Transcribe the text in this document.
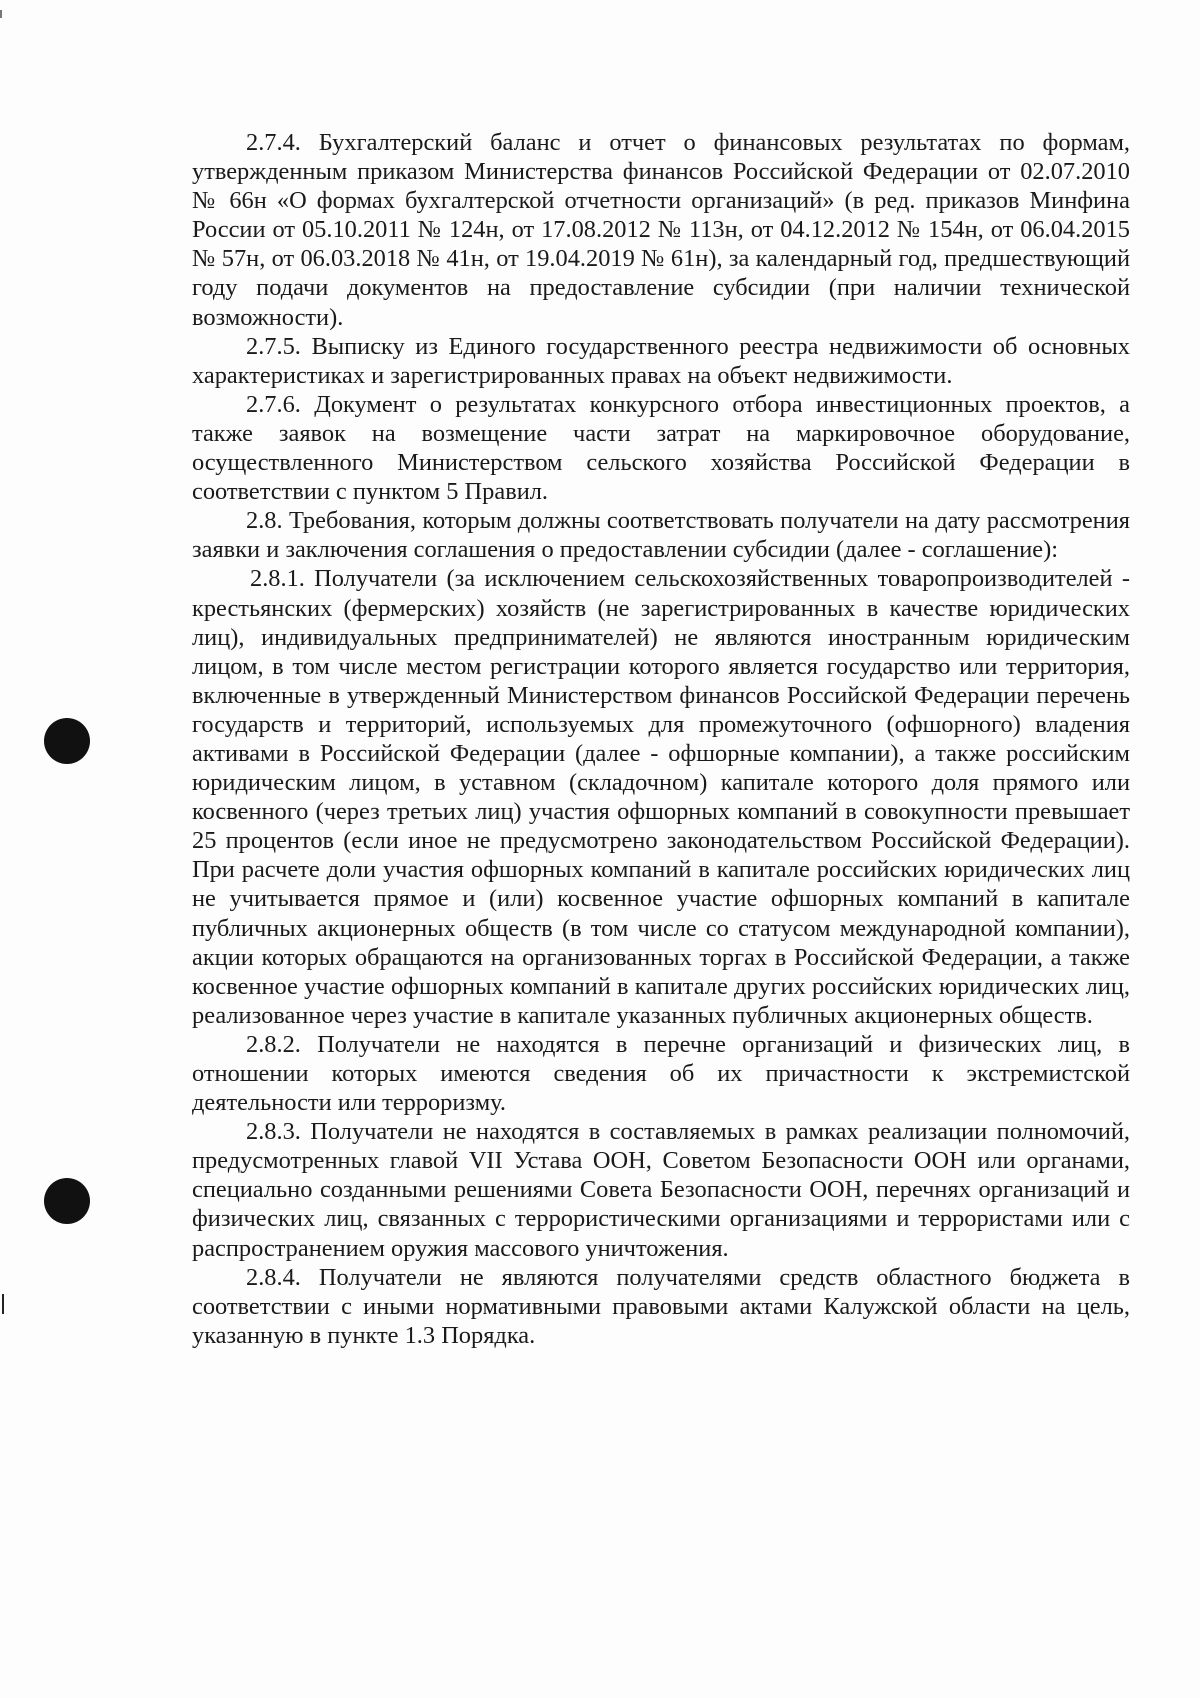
2.7.4. Бухгалтерский баланс и отчет о финансовых результатах по формам, утвержденным приказом Министерства финансов Российской Федерации от 02.07.2010 № 66н «О формах бухгалтерской отчетности организаций» (в ред. приказов Минфина России от 05.10.2011 № 124н, от 17.08.2012 № 113н, от 04.12.2012 № 154н, от 06.04.2015 № 57н, от 06.03.2018 № 41н, от 19.04.2019 № 61н), за календарный год, предшествующий году подачи документов на предоставление субсидии (при наличии технической возможности).

2.7.5. Выписку из Единого государственного реестра недвижимости об основных характеристиках и зарегистрированных правах на объект недвижимости.

2.7.6. Документ о результатах конкурсного отбора инвестиционных проектов, а также заявок на возмещение части затрат на маркировочное оборудование, осуществленного Министерством сельского хозяйства Российской Федерации в соответствии с пунктом 5 Правил.

2.8. Требования, которым должны соответствовать получатели на дату рассмотрения заявки и заключения соглашения о предоставлении субсидии (далее - соглашение):

2.8.1. Получатели (за исключением сельскохозяйственных товаропроизводителей - крестьянских (фермерских) хозяйств (не зарегистрированных в качестве юридических лиц), индивидуальных предпринимателей) не являются иностранным юридическим лицом, в том числе местом регистрации которого является государство или территория, включенные в утвержденный Министерством финансов Российской Федерации перечень государств и территорий, используемых для промежуточного (офшорного) владения активами в Российской Федерации (далее - офшорные компании), а также российским юридическим лицом, в уставном (складочном) капитале которого доля прямого или косвенного (через третьих лиц) участия офшорных компаний в совокупности превышает 25 процентов (если иное не предусмотрено законодательством Российской Федерации). При расчете доли участия офшорных компаний в капитале российских юридических лиц не учитывается прямое и (или) косвенное участие офшорных компаний в капитале публичных акционерных обществ (в том числе со статусом международной компании), акции которых обращаются на организованных торгах в Российской Федерации, а также косвенное участие офшорных компаний в капитале других российских юридических лиц, реализованное через участие в капитале указанных публичных акционерных обществ.

2.8.2. Получатели не находятся в перечне организаций и физических лиц, в отношении которых имеются сведения об их причастности к экстремистской деятельности или терроризму.

2.8.3. Получатели не находятся в составляемых в рамках реализации полномочий, предусмотренных главой VII Устава ООН, Советом Безопасности ООН или органами, специально созданными решениями Совета Безопасности ООН, перечнях организаций и физических лиц, связанных с террористическими организациями и террористами или с распространением оружия массового уничтожения.

2.8.4. Получатели не являются получателями средств областного бюджета в соответствии с иными нормативными правовыми актами Калужской области на цель, указанную в пункте 1.3 Порядка.
